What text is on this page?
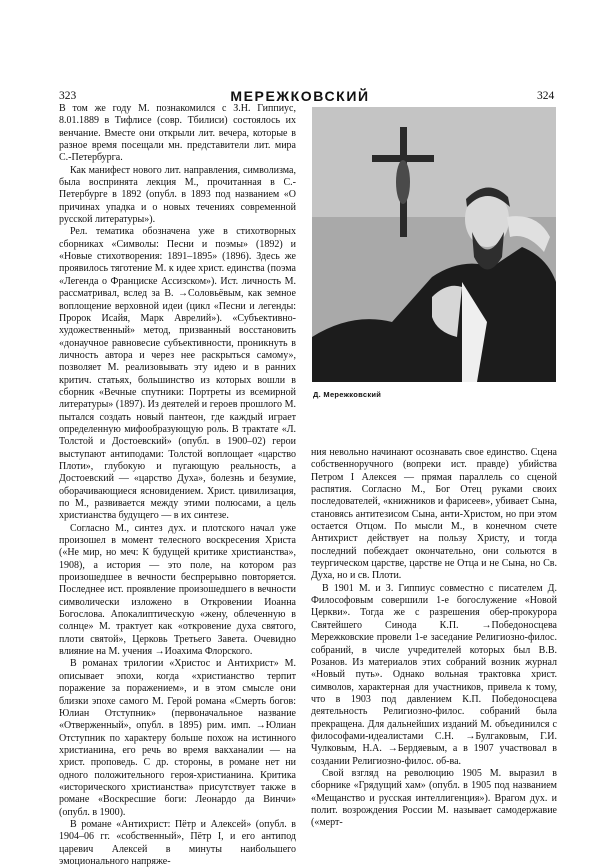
323	МЕРЕЖКОВСКИЙ	324

В том же году М. познакомился с З.Н. Гиппиус, 8.01.1889 в Тифлисе (совр. Тбилиси) состоялось их венчание. Вместе они открыли лит. вечера, которые в разное время посещали мн. представители лит. мира С.-Петербурга.

Как манифест нового лит. направления, символизма, была воспринята лекция М., прочитанная в С.-Петербурге в 1892 (опубл. в 1893 под названием «О причинах упадка и о новых течениях современной русской литературы»).

Рел. тематика обозначена уже в стихотворных сборниках «Символы: Песни и поэмы» (1892) и «Новые стихотворения: 1891–1895» (1896). Здесь же проявилось тяготение М. к идее христ. единства (поэма «Легенда о Франциске Ассизском»). Ист. личность М. рассматривал, вслед за В. →Соловьёвым, как земное воплощение верховной идеи (цикл «Песни и легенды: Пророк Исайя, Марк Аврелий»). «Субъективно-художественный» метод, призванный восстановить «донаучное равновесие субъективности, проникнуть в личность автора и через нее раскрыться самому», позволяет М. реализовывать эту идею и в ранних критич. статьях, большинство из которых вошли в сборник «Вечные спутники: Портреты из всемирной литературы» (1897). Из деятелей и героев прошлого М. пытался создать новый пантеон, где каждый играет определенную мифообразующую роль. В трактате «Л. Толстой и Достоевский» (опубл. в 1900–02) герои выступают антиподами: Толстой воплощает «царство Плоти», глубокую и пугающую реальность, а Достоевский — «царство Духа», болезнь и безумие, оборачивающиеся ясновидением. Христ. цивилизация, по М., развивается между этими полюсами, а цель христианства будущего — в их синтезе.

Согласно М., синтез дух. и плотского начал уже произошел в момент телесного воскресения Христа («Не мир, но меч: К будущей критике христианства», 1908), а история — это поле, на котором раз произошедшее в вечности беспрерывно повторяется. Последнее ист. проявление произошедшего в вечности символически изложено в Откровении Иоанна Богослова. Апокалиптическую «жену, облеченную в солнце» М. трактует как «откровение духа святого, плоти святой», Церковь Третьего Завета. Очевидно влияние на М. учения →Иоахима Флорского.

В романах трилогии «Христос и Антихрист» М. описывает эпохи, когда «христианство терпит поражение за поражением», и в этом смысле они близки эпохе самого М. Герой романа «Смерть богов: Юлиан Отступник» (первоначальное название «Отверженный», опубл. в 1895) рим. имп. →Юлиан Отступник по характеру больше похож на истинного христианина, его речь во время вакханалии — на христ. проповедь. С др. стороны, в романе нет ни одного положительного героя-христианина. Критика «исторического христианства» присутствует также в романе «Воскресшие боги: Леонардо да Винчи» (опубл. в 1900).

В романе «Антихрист: Пётр и Алексей» (опубл. в 1904–06 гг. «собственный», Пётр I, и его антипод царевич Алексей в минуты наибольшего эмоционального напряже-

Д. Мережковский

ния невольно начинают осознавать свое единство. Сцена собственноручного (вопреки ист. правде) убийства Петром I Алексея — прямая параллель со сценой распятия. Согласно М., Бог Отец руками своих последователей, «книжников и фарисеев», убивает Сына, становясь антитезисом Сына, анти-Христом, но при этом остается Отцом. По мысли М., в конечном счете Антихрист действует на пользу Христу, и тогда последний побеждает окончательно, они сольются в теургическом царстве, царстве не Отца и не Сына, но Св. Духа, но и св. Плоти.

В 1901 М. и З. Гиппиус совместно с писателем Д. Философовым совершили 1-е богослужение «Новой Церкви». Тогда же с разрешения обер-прокурора Святейшего Синода К.П. →Победоносцева Мережковские провели 1-е заседание Религиозно-филос. собраний, в числе учредителей которых был В.В. Розанов. Из материалов этих собраний возник журнал «Новый путь». Однако вольная трактовка христ. символов, характерная для участников, привела к тому, что в 1903 под давлением К.П. Победоносцева деятельность Религиозно-филос. собраний была прекращена. Для дальнейших изданий М. объединился с философами-идеалистами С.Н. →Булгаковым, Г.И. Чулковым, Н.А. →Бердяевым, а в 1907 участвовал в создании Религиозно-филос. об-ва.

Свой взгляд на революцию 1905 М. выразил в сборнике «Грядущий хам» (опубл. в 1905 под названием «Мещанство и русская интеллигенция»). Врагом дух. и полит. возрождения России М. называет самодержавие («мерт-
